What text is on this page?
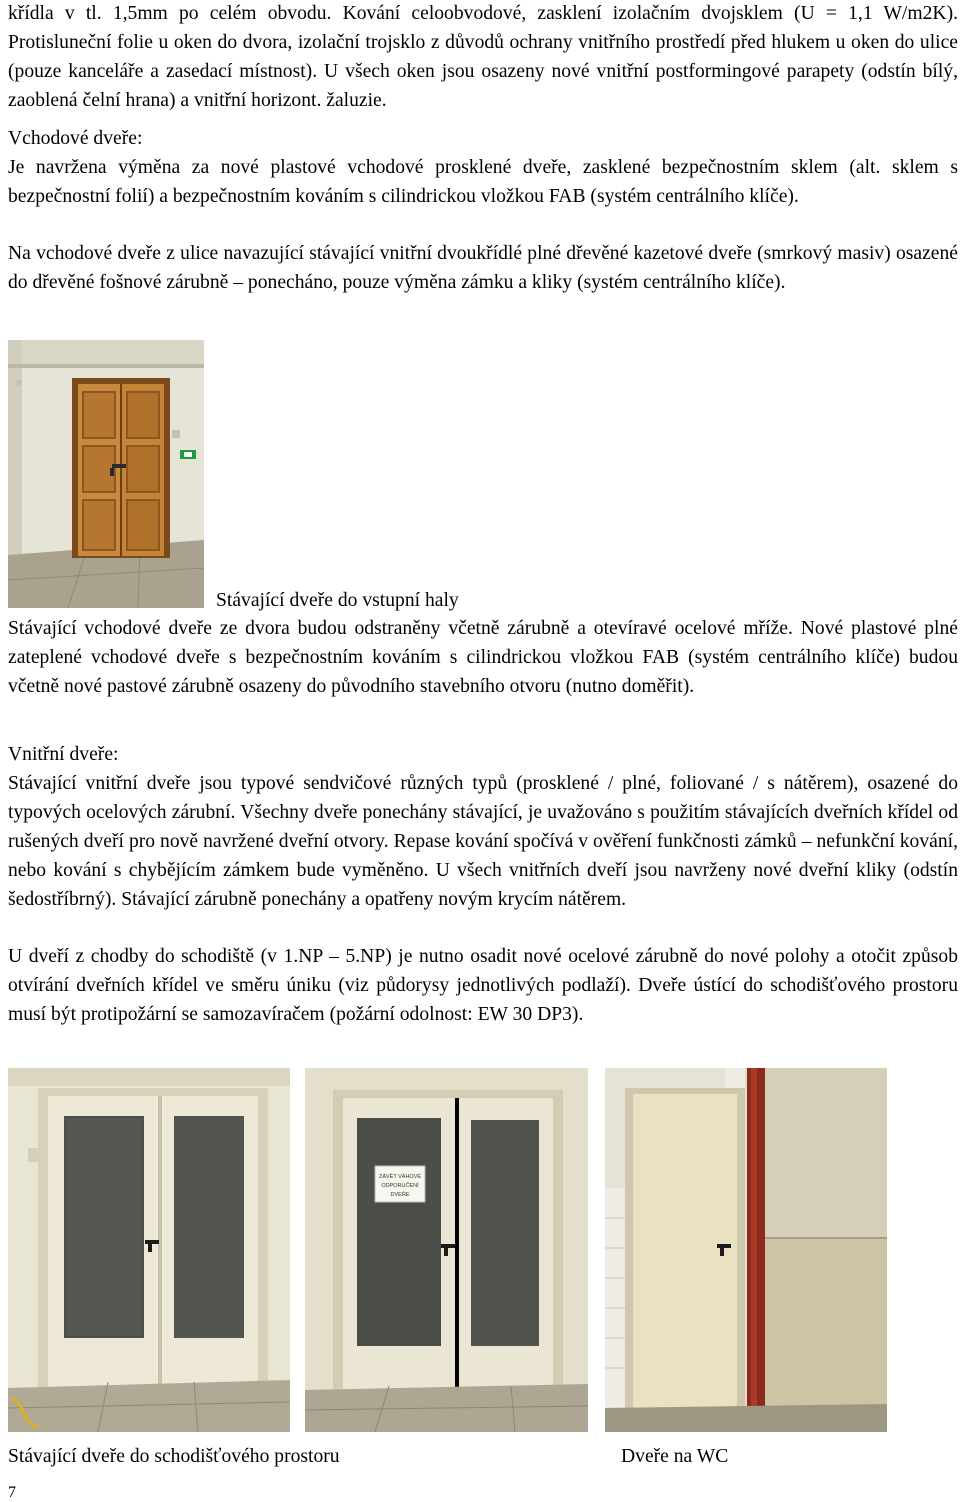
křídla v tl. 1,5mm po celém obvodu. Kování celoobvodové, zasklení izolačním dvojsklem (U = 1,1 W/m2K). Protisluneční folie u oken do dvora, izolační trojsklo z důvodů ochrany vnitřního prostředí před hlukem u oken do ulice (pouze kanceláře a zasedací místnost). U všech oken jsou osazeny nové vnitřní postformingové parapety (odstín bílý, zaoblená čelní hrana) a vnitřní horizont. žaluzie.

Vchodové dveře:

Je navržena výměna za nové plastové vchodové prosklené dveře, zasklené bezpečnostním sklem (alt. sklem s bezpečnostní folií) a bezpečnostním kováním s cilindrickou vložkou FAB (systém centrálního klíče).

Na vchodové dveře z ulice navazující stávající vnitřní dvoukřídlé plné dřevěné kazetové dveře (smrkový masiv) osazené do dřevěné fošnové zárubně – ponecháno, pouze výměna zámku a kliky (systém centrálního klíče).

Stávající dveře do vstupní haly

Stávající vchodové dveře ze dvora budou odstraněny včetně zárubně a otevíravé ocelové mříže. Nové plastové plné zateplené vchodové dveře s bezpečnostním kováním s cilindrickou vložkou FAB (systém centrálního klíče) budou včetně nové pastové zárubně osazeny do původního stavebního otvoru (nutno doměřit).

Vnitřní dveře:

Stávající vnitřní dveře jsou typové sendvičové různých typů (prosklené / plné, foliované / s nátěrem), osazené do typových ocelových zárubní. Všechny dveře ponechány stávající, je uvažováno s použitím stávajících dveřních křídel od rušených dveří pro nově navržené dveřní otvory. Repase kování spočívá v ověření funkčnosti zámků – nefunkční kování, nebo kování s chybějícím zámkem bude vyměněno. U všech vnitřních dveří jsou navrženy nové dveřní kliky (odstín šedostříbrný). Stávající zárubně ponechány a opatřeny novým krycím nátěrem.

U dveří z chodby do schodiště (v 1.NP – 5.NP) je nutno osadit nové ocelové zárubně do nové polohy a otočit způsob otvírání dveřních křídel ve směru úniku (viz půdorysy jednotlivých podlaží). Dveře ústící do schodišťového prostoru musí být protipožární se samozavíračem (požární odolnost: EW 30 DP3).

ZÁVĚT VÁHOVÉ
ODPORUČENÍ
DVEŘE
Stávající dveře do schodišťového prostoru	Dveře na WC
7
